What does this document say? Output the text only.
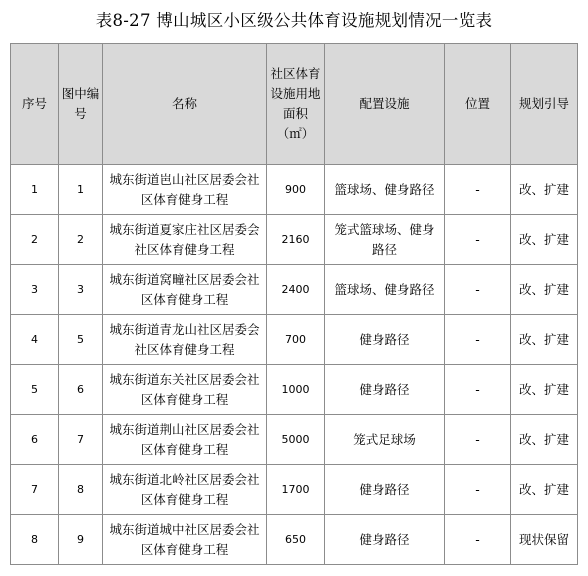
表8-27 博山城区小区级公共体育设施规划情况一览表
序号	图中编号	名称	社区体育设施用地面积（㎡）	配置设施	位置	规划引导
1	1	城东街道岜山社区居委会社区体育健身工程	900	篮球场、健身路径	-	改、扩建
2	2	城东街道夏家庄社区居委会社区体育健身工程	2160	笼式篮球场、健身路径	-	改、扩建
3	3	城东街道窝疃社区居委会社区体育健身工程	2400	篮球场、健身路径	-	改、扩建
4	5	城东街道青龙山社区居委会社区体育健身工程	700	健身路径	-	改、扩建
5	6	城东街道东关社区居委会社区体育健身工程	1000	健身路径	-	改、扩建
6	7	城东街道荆山社区居委会社区体育健身工程	5000	笼式足球场	-	改、扩建
7	8	城东街道北岭社区居委会社区体育健身工程	1700	健身路径	-	改、扩建
8	9	城东街道城中社区居委会社区体育健身工程	650	健身路径	-	现状保留
